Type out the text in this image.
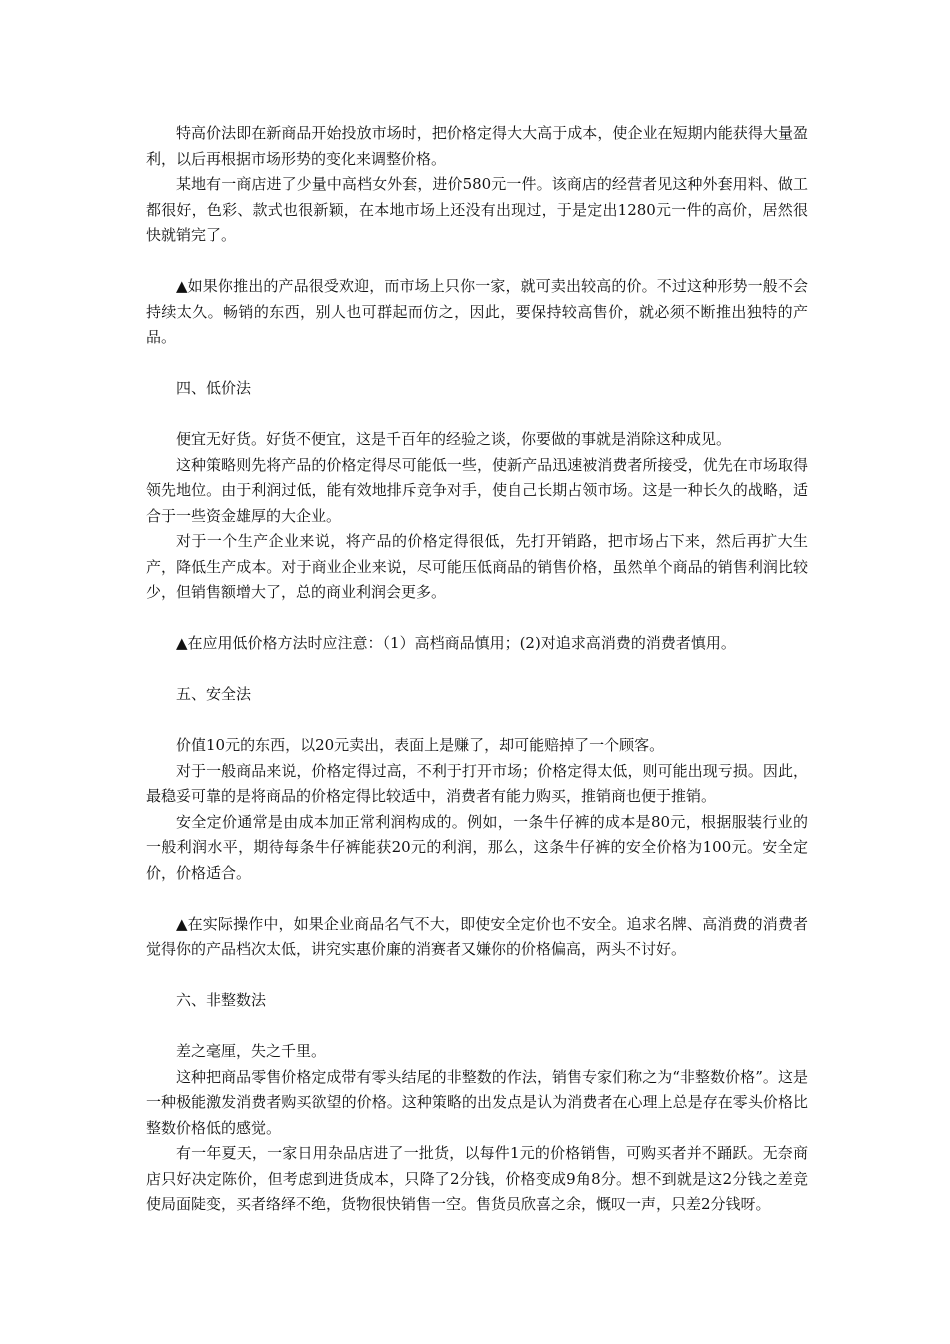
特高价法即在新商品开始投放市场时，把价格定得大大高于成本，使企业在短期内能获得大量盈利，以后再根据市场形势的变化来调整价格。

某地有一商店进了少量中高档女外套，进价580元一件。该商店的经营者见这种外套用料、做工都很好，色彩、款式也很新颖，在本地市场上还没有出现过，于是定出1280元一件的高价，居然很快就销完了。

▲如果你推出的产品很受欢迎，而市场上只你一家，就可卖出较高的价。不过这种形势一般不会持续太久。畅销的东西，别人也可群起而仿之，因此，要保持较高售价，就必须不断推出独特的产品。

四、低价法

便宜无好货。好货不便宜，这是千百年的经验之谈，你要做的事就是消除这种成见。

这种策略则先将产品的价格定得尽可能低一些，使新产品迅速被消费者所接受，优先在市场取得领先地位。由于利润过低，能有效地排斥竞争对手，使自己长期占领市场。这是一种长久的战略，适合于一些资金雄厚的大企业。

对于一个生产企业来说，将产品的价格定得很低，先打开销路，把市场占下来，然后再扩大生产，降低生产成本。对于商业企业来说，尽可能压低商品的销售价格，虽然单个商品的销售利润比较少，但销售额增大了，总的商业利润会更多。

▲在应用低价格方法时应注意：（1）高档商品慎用；(2)对追求高消费的消费者慎用。

五、安全法

价值10元的东西，以20元卖出，表面上是赚了，却可能赔掉了一个顾客。

对于一般商品来说，价格定得过高，不利于打开市场；价格定得太低，则可能出现亏损。因此，最稳妥可靠的是将商品的价格定得比较适中，消费者有能力购买，推销商也便于推销。

安全定价通常是由成本加正常利润构成的。例如，一条牛仔裤的成本是80元，根据服装行业的一般利润水平，期待每条牛仔裤能获20元的利润，那么，这条牛仔裤的安全价格为100元。安全定价，价格适合。

▲在实际操作中，如果企业商品名气不大，即使安全定价也不安全。追求名牌、高消费的消费者觉得你的产品档次太低，讲究实惠价廉的消赛者又嫌你的价格偏高，两头不讨好。

六、非整数法

差之毫厘，失之千里。

这种把商品零售价格定成带有零头结尾的非整数的作法，销售专家们称之为“非整数价格”。这是一种极能激发消费者购买欲望的价格。这种策略的出发点是认为消费者在心理上总是存在零头价格比整数价格低的感觉。

有一年夏天，一家日用杂品店进了一批货，以每件1元的价格销售，可购买者并不踊跃。无奈商店只好决定陈价，但考虑到进货成本，只降了2分钱，价格变成9角8分。想不到就是这2分钱之差竞使局面陡变，买者络绎不绝，货物很快销售一空。售货员欣喜之余，慨叹一声，只差2分钱呀。
